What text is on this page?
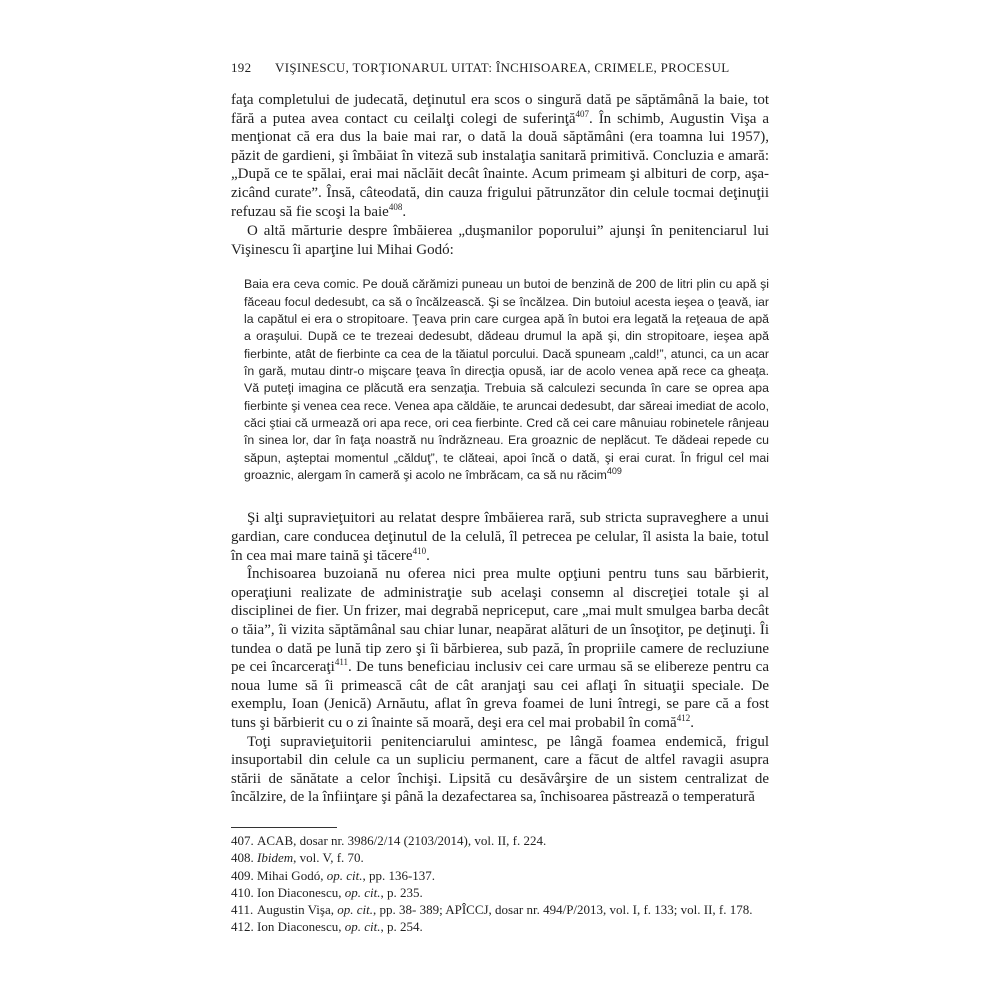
192	VIŞINESCU, TORŢIONARUL UITAT: ÎNCHISOAREA, CRIMELE, PROCESUL

faţa completului de judecată, deţinutul era scos o singură dată pe săptămână la baie, tot fără a putea avea contact cu ceilalţi colegi de suferinţă$^{407}$. În schimb, Augustin Vişa a menţionat că era dus la baie mai rar, o dată la două săptămâni (era toamna lui 1957), păzit de gardieni, şi îmbăiat în viteză sub instalaţia sanitară primitivă. Concluzia e amară: „După ce te spălai, erai mai năclăit decât înainte. Acum primeam şi albituri de corp, aşa-zicând curate”. Însă, câteodată, din cauza frigului pătrunzător din celule tocmai deţinuţii refuzau să fie scoşi la baie$^{408}$.

O altă mărturie despre îmbăierea „duşmanilor poporului” ajunşi în penitenciarul lui Vişinescu îi aparţine lui Mihai Godó:

Baia era ceva comic. Pe două cărămizi puneau un butoi de benzină de 200 de litri plin cu apă şi făceau focul dedesubt, ca să o încălzească. Şi se încălzea. Din butoiul acesta ieşea o ţeavă, iar la capătul ei era o stropitoare. Ţeava prin care curgea apă în butoi era legată la reţeaua de apă a oraşului. După ce te trezeai dedesubt, dădeau drumul la apă şi, din stropitoare, ieşea apă fierbinte, atât de fierbinte ca cea de la tăiatul porcului. Dacă spuneam „cald!”, atunci, ca un acar în gară, mutau dintr-o mişcare ţeava în direcţia opusă, iar de acolo venea apă rece ca gheaţa. Vă puteţi imagina ce plăcută era senzaţia. Trebuia să calculezi secunda în care se oprea apa fierbinte şi venea cea rece. Venea apa căldăie, te aruncai dedesubt, dar săreai imediat de acolo, căci ştiai că urmează ori apa rece, ori cea fierbinte. Cred că cei care mânuiau robinetele rânjeau în sinea lor, dar în faţa noastră nu îndrăzneau. Era groaznic de neplăcut. Te dădeai repede cu săpun, aşteptai momentul „călduţ”, te clăteai, apoi încă o dată, şi erai curat. În frigul cel mai groaznic, alergam în cameră şi acolo ne îmbrăcam, ca să nu răcim$^{409}$

Şi alţi supravieţuitori au relatat despre îmbăierea rară, sub stricta supraveghere a unui gardian, care conducea deţinutul de la celulă, îl petrecea pe celular, îl asista la baie, totul în cea mai mare taină şi tăcere$^{410}$.

Închisoarea buzoiană nu oferea nici prea multe opţiuni pentru tuns sau bărbierit, operaţiuni realizate de administraţie sub acelaşi consemn al discreţiei totale şi al disciplinei de fier. Un frizer, mai degrabă nepriceput, care „mai mult smulgea barba decât o tăia”, îi vizita săptămânal sau chiar lunar, neapărat alături de un însoţitor, pe deţinuţi. Îi tundea o dată pe lună tip zero şi îi bărbierea, sub pază, în propriile camere de recluziune pe cei încarceraţi$^{411}$. De tuns beneficiau inclusiv cei care urmau să se elibereze pentru ca noua lume să îi primească cât de cât aranjaţi sau cei aflaţi în situaţii speciale. De exemplu, Ioan (Jenică) Arnăutu, aflat în greva foamei de luni întregi, se pare că a fost tuns şi bărbierit cu o zi înainte să moară, deşi era cel mai probabil în comă$^{412}$.

Toţi supravieţuitorii penitenciarului amintesc, pe lângă foamea endemică, frigul insuportabil din celule ca un supliciu permanent, care a făcut de altfel ravagii asupra stării de sănătate a celor închişi. Lipsită cu desăvârşire de un sistem centralizat de încălzire, de la înfiinţare şi până la dezafectarea sa, închisoarea păstrează o temperatură

407. ACAB, dosar nr. 3986/2/14 (2103/2014), vol. II, f. 224.
408. Ibidem, vol. V, f. 70.
409. Mihai Godó, op. cit., pp. 136-137.
410. Ion Diaconescu, op. cit., p. 235.
411. Augustin Vişa, op. cit., pp. 38- 389; APÎCCJ, dosar nr. 494/P/2013, vol. I, f. 133; vol. II, f. 178.
412. Ion Diaconescu, op. cit., p. 254.
